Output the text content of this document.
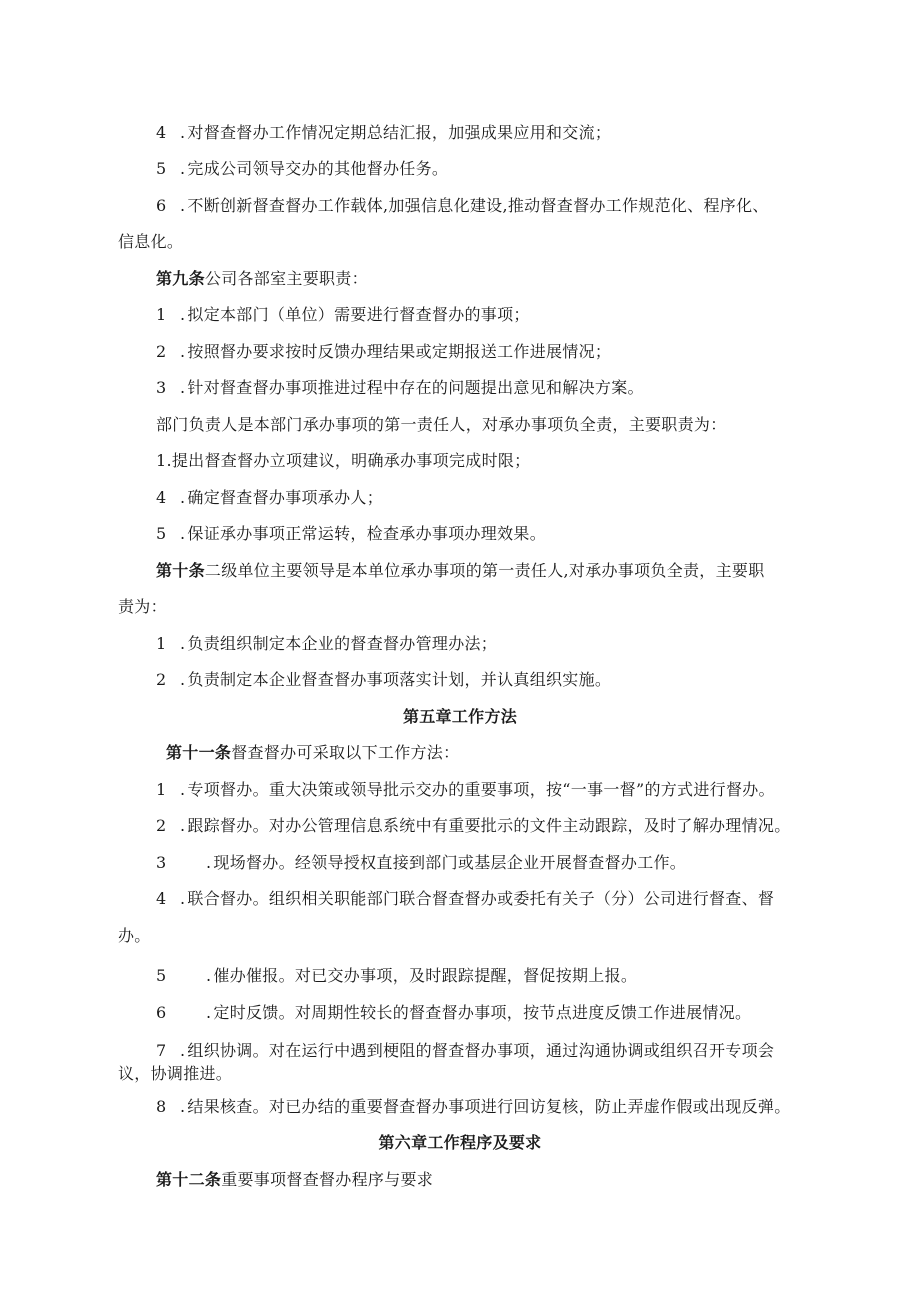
4 . 对督查督办工作情况定期总结汇报，加强成果应用和交流；
5 . 完成公司领导交办的其他督办任务。
6 . 不断创新督查督办工作载体,加强信息化建设,推动督查督办工作规范化、程序化、
信息化。
第九条公司各部室主要职责：
1 . 拟定本部门（单位）需要进行督查督办的事项；
2 . 按照督办要求按时反馈办理结果或定期报送工作进展情况；
3 . 针对督查督办事项推进过程中存在的问题提出意见和解决方案。
部门负责人是本部门承办事项的第一责任人，对承办事项负全责，主要职责为：
1.提出督查督办立项建议，明确承办事项完成时限；
4 . 确定督查督办事项承办人；
5 . 保证承办事项正常运转，检查承办事项办理效果。
第十条二级单位主要领导是本单位承办事项的第一责任人,对承办事项负全责，主要职
责为：
1 . 负责组织制定本企业的督查督办管理办法；
2 . 负责制定本企业督查督办事项落实计划，并认真组织实施。
第五章工作方法
第十一条督查督办可采取以下工作方法：
1 . 专项督办。重大决策或领导批示交办的重要事项，按“一事一督”的方式进行督办。
2 . 跟踪督办。对办公管理信息系统中有重要批示的文件主动跟踪，及时了解办理情况。
3 . 现场督办。经领导授权直接到部门或基层企业开展督查督办工作。
4 . 联合督办。组织相关职能部门联合督查督办或委托有关子（分）公司进行督查、督
办。
5 . 催办催报。对已交办事项，及时跟踪提醒，督促按期上报。
6 . 定时反馈。对周期性较长的督查督办事项，按节点进度反馈工作进展情况。
7 . 组织协调。对在运行中遇到梗阻的督查督办事项，通过沟通协调或组织召开专项会
议，协调推进。
8 . 结果核查。对已办结的重要督查督办事项进行回访复核，防止弄虚作假或出现反弹。
第六章工作程序及要求
第十二条重要事项督查督办程序与要求
